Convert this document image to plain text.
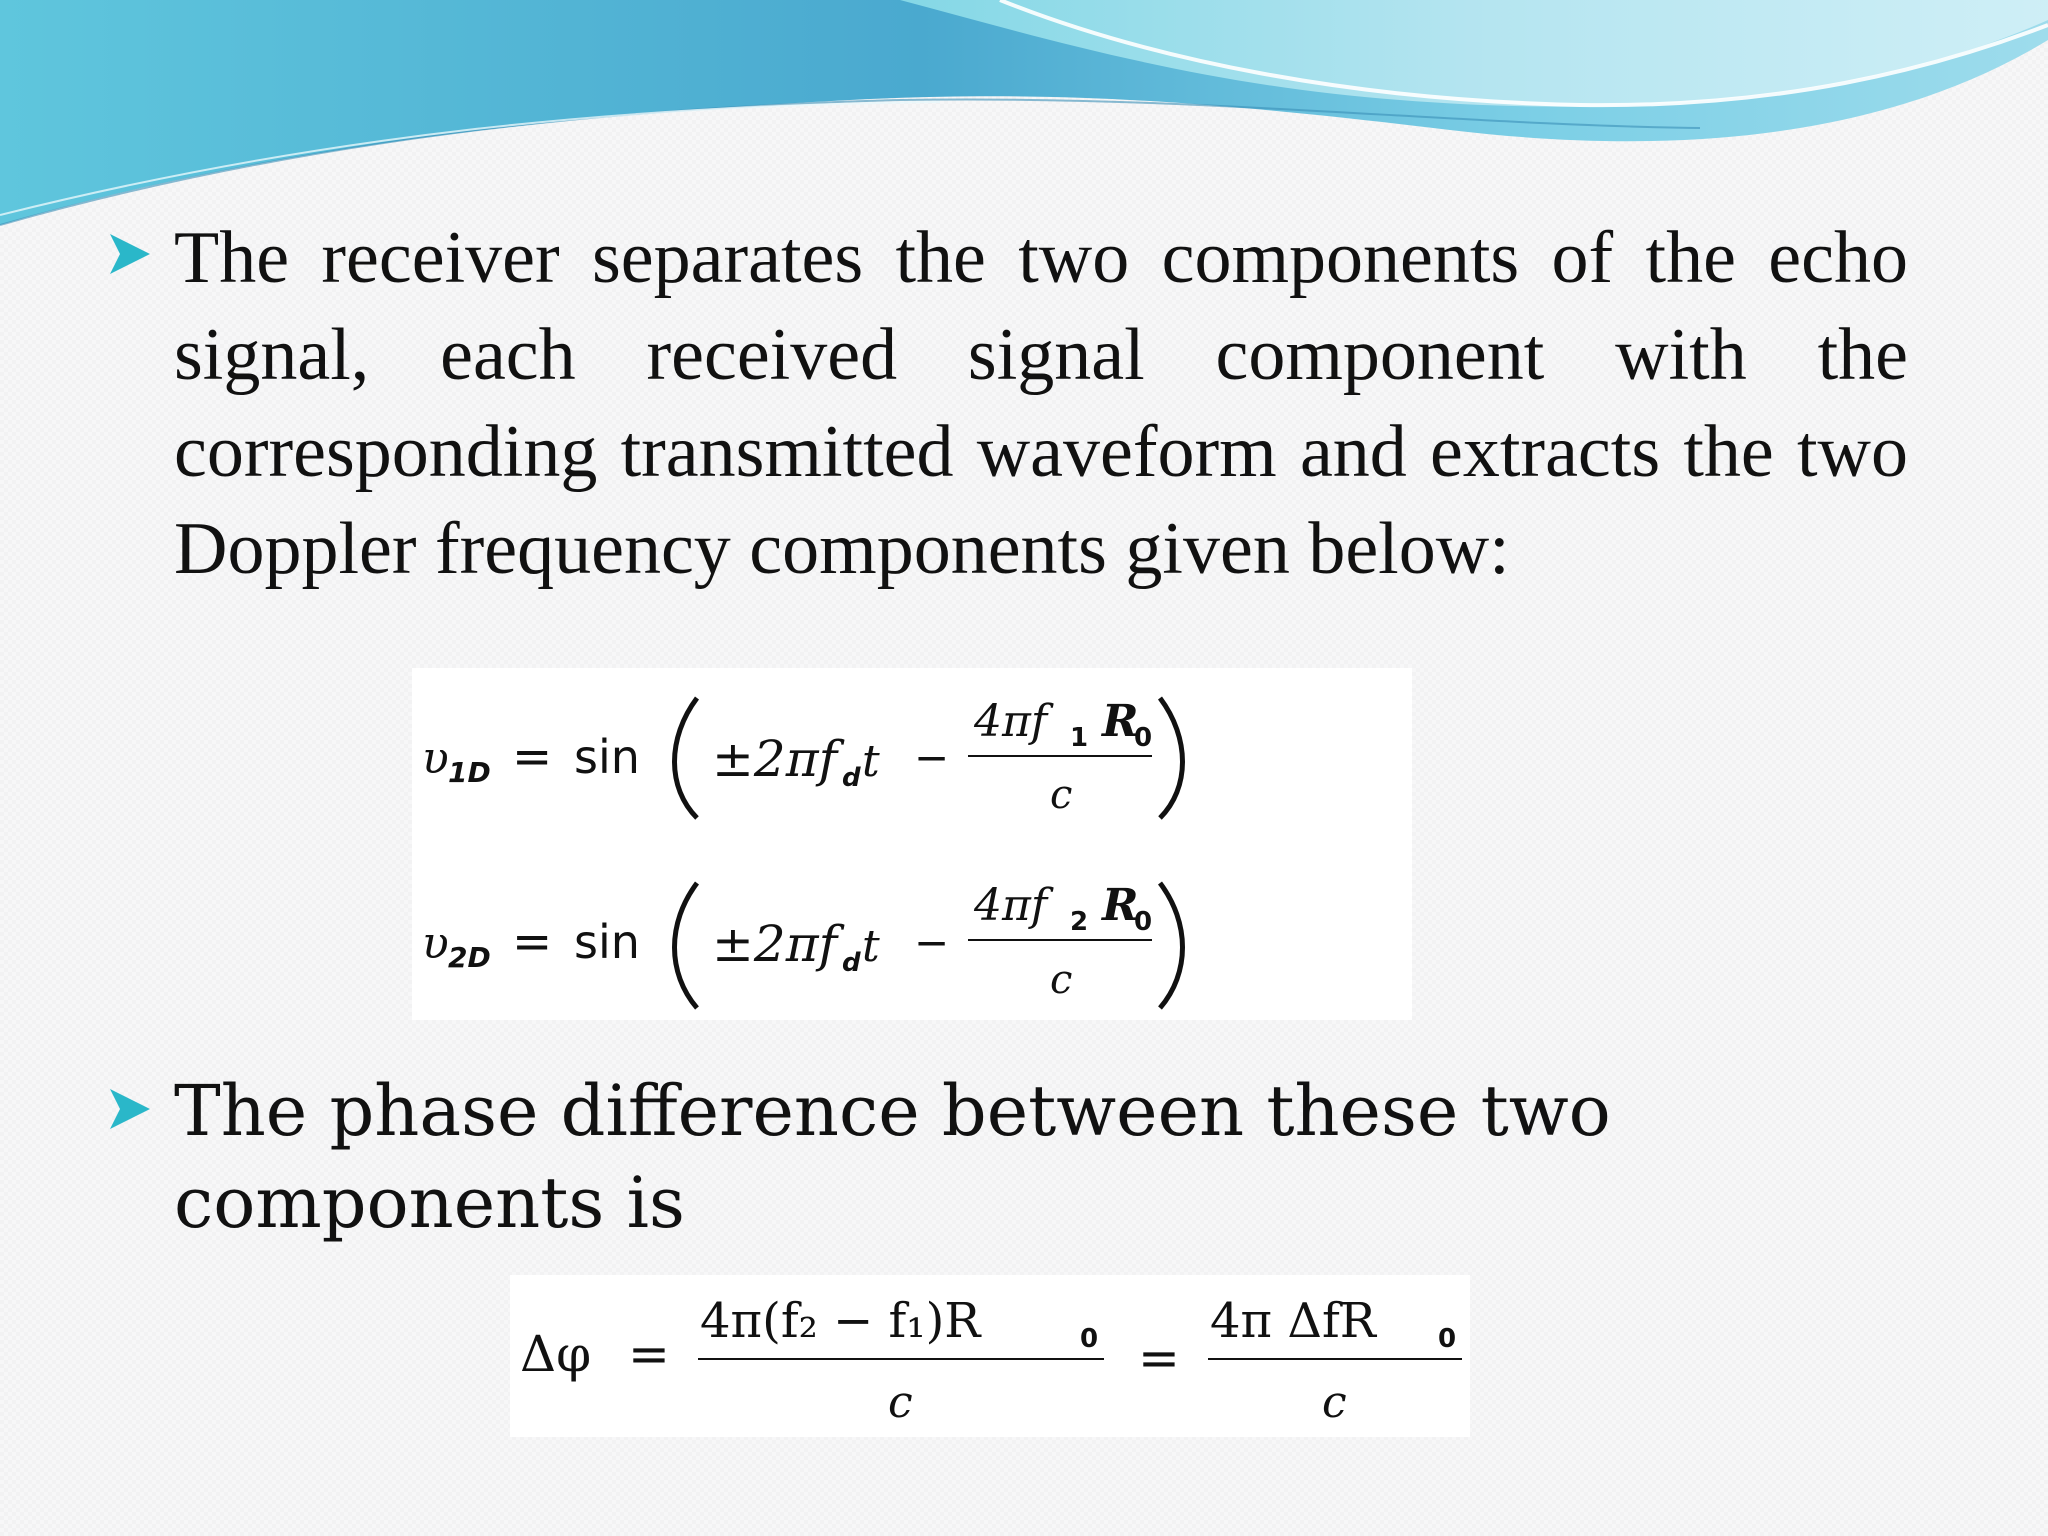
The receiver separates the two components of the echo signal, each received signal component with the corresponding transmitted waveform and extracts the two Doppler frequency components given below:
υ 1D = sin ±2πf d t −
4πf 1 R
0
c
υ 2D = sin ±2πf d t −
4πf 2 R
0
c
The phase difference between these two components is
Δφ =
4π(f₂ − f₁)R	0
c
=
4π ΔfR 0
c
